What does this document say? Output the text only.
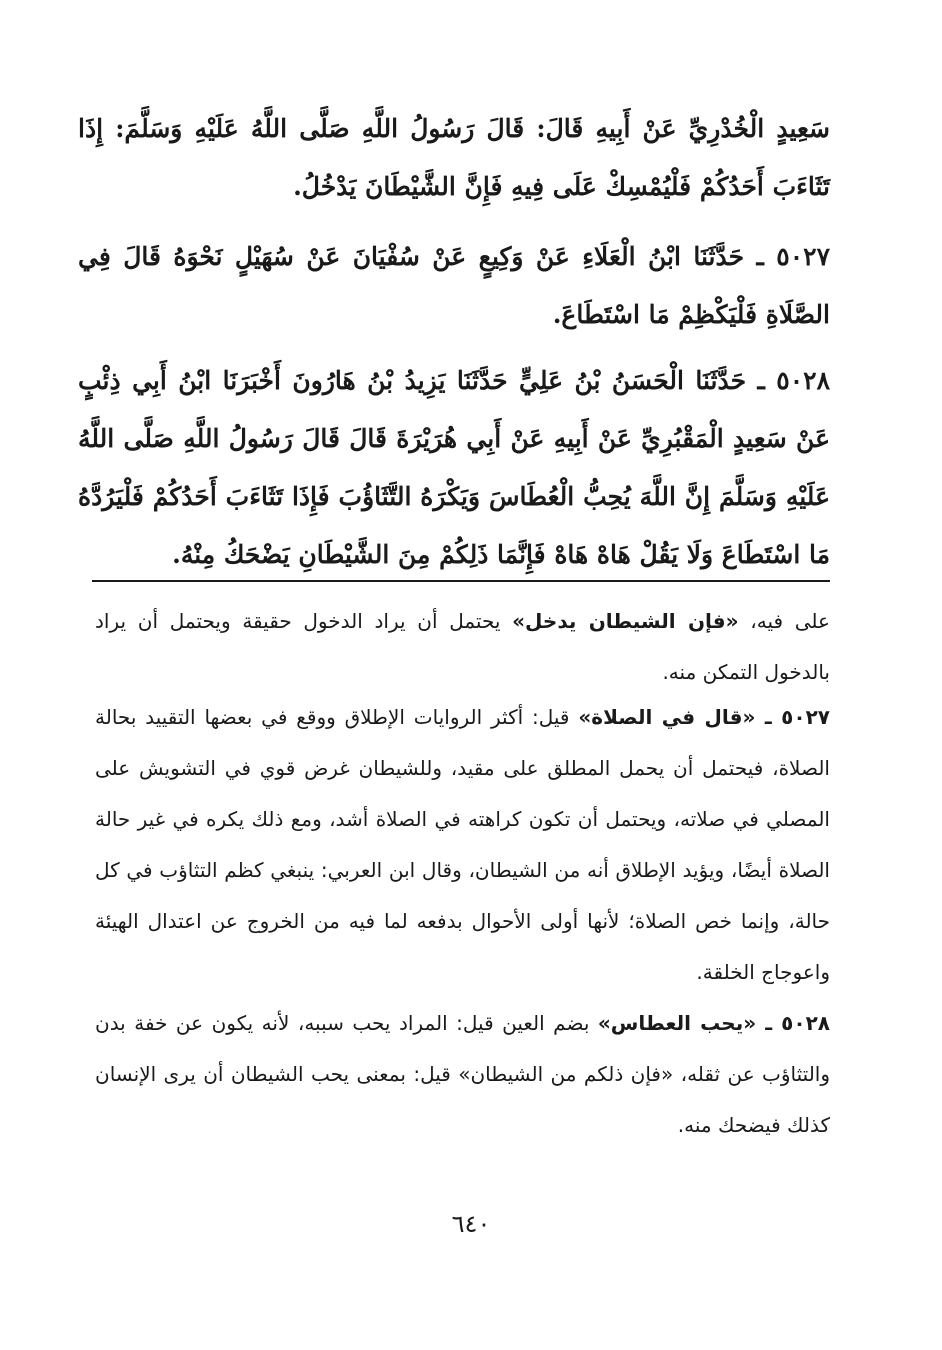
سَعِيدٍ الْخُدْرِيِّ عَنْ أَبِيهِ قَالَ: قَالَ رَسُولُ اللَّهِ صَلَّى اللَّهُ عَلَيْهِ وَسَلَّمَ: إِذَا تَثَاءَبَ أَحَدُكُمْ فَلْيُمْسِكْ عَلَى فِيهِ فَإِنَّ الشَّيْطَانَ يَدْخُلُ.

٥٠٢٧ ـ حَدَّثَنَا ابْنُ الْعَلَاءِ عَنْ وَكِيعٍ عَنْ سُفْيَانَ عَنْ سُهَيْلٍ نَحْوَهُ قَالَ فِي الصَّلَاةِ فَلْيَكْظِمْ مَا اسْتَطَاعَ.

٥٠٢٨ ـ حَدَّثَنَا الْحَسَنُ بْنُ عَلِيٍّ حَدَّثَنَا يَزِيدُ بْنُ هَارُونَ أَخْبَرَنَا ابْنُ أَبِي ذِئْبٍ عَنْ سَعِيدٍ الْمَقْبُرِيِّ عَنْ أَبِيهِ عَنْ أَبِي هُرَيْرَةَ قَالَ قَالَ رَسُولُ اللَّهِ صَلَّى اللَّهُ عَلَيْهِ وَسَلَّمَ إِنَّ اللَّهَ يُحِبُّ الْعُطَاسَ وَيَكْرَهُ التَّثَاؤُبَ فَإِذَا تَثَاءَبَ أَحَدُكُمْ فَلْيَرُدَّهُ مَا اسْتَطَاعَ وَلَا يَقُلْ هَاهْ هَاهْ فَإِنَّمَا ذَلِكُمْ مِنَ الشَّيْطَانِ يَضْحَكُ مِنْهُ.

على فيه، «فإن الشيطان يدخل» يحتمل أن يراد الدخول حقيقة ويحتمل أن يراد بالدخول التمكن منه.

٥٠٢٧ ـ «قال في الصلاة» قيل: أكثر الروايات الإطلاق ووقع في بعضها التقييد بحالة الصلاة، فيحتمل أن يحمل المطلق على مقيد، وللشيطان غرض قوي في التشويش على المصلي في صلاته، ويحتمل أن تكون كراهته في الصلاة أشد، ومع ذلك يكره في غير حالة الصلاة أيضًا، ويؤيد الإطلاق أنه من الشيطان، وقال ابن العربي: ينبغي كظم التثاؤب في كل حالة، وإنما خص الصلاة؛ لأنها أولى الأحوال بدفعه لما فيه من الخروج عن اعتدال الهيئة واعوجاج الخلقة.

٥٠٢٨ ـ «يحب العطاس» بضم العين قيل: المراد يحب سببه، لأنه يكون عن خفة بدن والتثاؤب عن ثقله، «فإن ذلكم من الشيطان» قيل: بمعنى يحب الشيطان أن يرى الإنسان كذلك فيضحك منه.

٦٤٠
